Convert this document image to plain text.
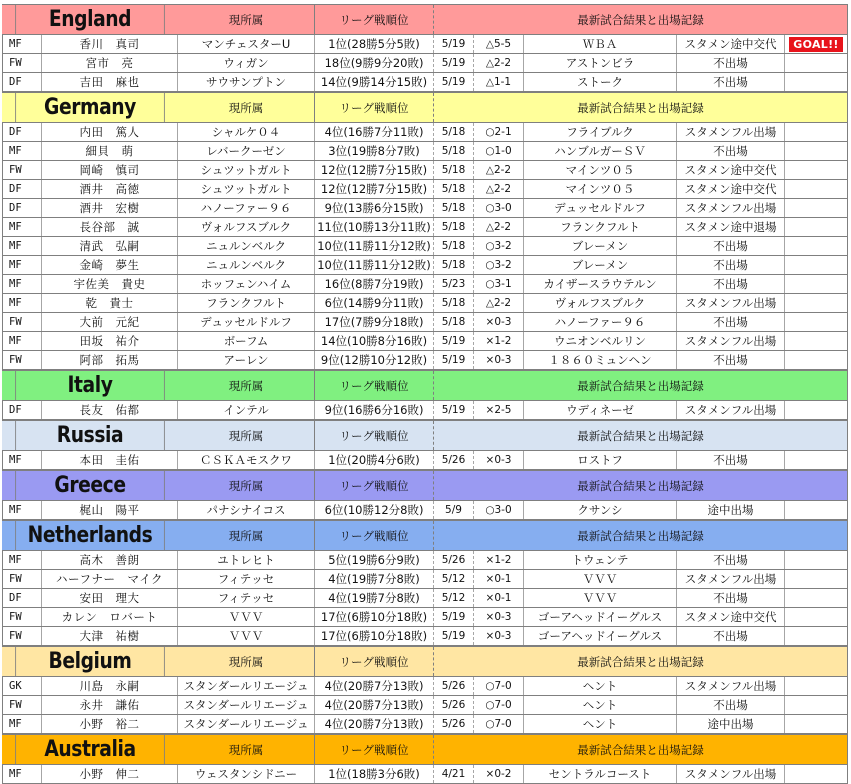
England	現所属	リーグ戦順位	最新試合結果と出場記録
MF	香川　真司	マンチェスターU	1位(28勝5分5敗)	5/19	△5-5	ＷＢＡ	スタメン途中交代	GOAL!!
FW	宮市　亮	ウィガン	18位(9勝9分20敗)	5/19	△2-2	アストンビラ	不出場
DF	吉田　麻也	サウサンプトン	14位(9勝14分15敗)	5/19	△1-1	ストーク	不出場
Germany	現所属	リーグ戦順位	最新試合結果と出場記録
DF	内田　篤人	シャルケ０４	4位(16勝7分11敗)	5/18	○2-1	フライブルク	スタメンフル出場
MF	細貝　萌	レバークーゼン	3位(19勝8分7敗)	5/18	○1-0	ハンブルガーＳＶ	不出場
FW	岡崎　慎司	シュツットガルト	12位(12勝7分15敗)	5/18	△2-2	マインツ０５	スタメン途中交代
DF	酒井　高徳	シュツットガルト	12位(12勝7分15敗)	5/18	△2-2	マインツ０５	スタメン途中交代
DF	酒井　宏樹	ハノーファー９６	9位(13勝6分15敗)	5/18	○3-0	デュッセルドルフ	スタメンフル出場
MF	長谷部　誠	ヴォルフスブルク	11位(10勝13分11敗)	5/18	△2-2	フランクフルト	スタメン途中退場
MF	清武　弘嗣	ニュルンベルク	10位(11勝11分12敗)	5/18	○3-2	ブレーメン	不出場
MF	金崎　夢生	ニュルンベルク	10位(11勝11分12敗)	5/18	○3-2	ブレーメン	不出場
MF	宇佐美　貴史	ホッフェンハイム	16位(8勝7分19敗)	5/23	○3-1	カイザースラウテルン	不出場
MF	乾　貴士	フランクフルト	6位(14勝9分11敗)	5/18	△2-2	ヴォルフスブルク	スタメンフル出場
FW	大前　元紀	デュッセルドルフ	17位(7勝9分18敗)	5/18	×0-3	ハノーファー９６	不出場
MF	田坂　祐介	ボーフム	14位(10勝8分16敗)	5/19	×1-2	ウニオンベルリン	スタメンフル出場
FW	阿部　拓馬	アーレン	9位(12勝10分12敗)	5/19	×0-3	１８６０ミュンヘン	不出場
Italy	現所属	リーグ戦順位	最新試合結果と出場記録
DF	長友　佑都	インテル	9位(16勝6分16敗)	5/19	×2-5	ウディネーゼ	スタメンフル出場
Russia	現所属	リーグ戦順位	最新試合結果と出場記録
MF	本田　圭佑	ＣＳＫＡモスクワ	1位(20勝4分6敗)	5/26	×0-3	ロストフ	不出場
Greece	現所属	リーグ戦順位	最新試合結果と出場記録
MF	梶山　陽平	パナシナイコス	6位(10勝12分8敗)	5/9	○3-0	クサンシ	途中出場
Netherlands	現所属	リーグ戦順位	最新試合結果と出場記録
MF	高木　善朗	ユトレヒト	5位(19勝6分9敗)	5/26	×1-2	トウェンテ	不出場
FW	ハーフナー　マイク	フィテッセ	4位(19勝7分8敗)	5/12	×0-1	ＶＶＶ	スタメンフル出場
DF	安田　理大	フィテッセ	4位(19勝7分8敗)	5/12	×0-1	ＶＶＶ	不出場
FW	カレン　ロバート	ＶＶＶ	17位(6勝10分18敗)	5/19	×0-3	ゴーアヘッドイーグルス	スタメン途中交代
FW	大津　祐樹	ＶＶＶ	17位(6勝10分18敗)	5/19	×0-3	ゴーアヘッドイーグルス	不出場
Belgium	現所属	リーグ戦順位	最新試合結果と出場記録
GK	川島　永嗣	スタンダールリエージュ	4位(20勝7分13敗)	5/26	○7-0	ヘント	スタメンフル出場
FW	永井　謙佑	スタンダールリエージュ	4位(20勝7分13敗)	5/26	○7-0	ヘント	不出場
MF	小野　裕二	スタンダールリエージュ	4位(20勝7分13敗)	5/26	○7-0	ヘント	途中出場
Australia	現所属	リーグ戦順位	最新試合結果と出場記録
MF	小野　伸二	ウェスタンシドニー	1位(18勝3分6敗)	4/21	×0-2	セントラルコースト	スタメンフル出場
